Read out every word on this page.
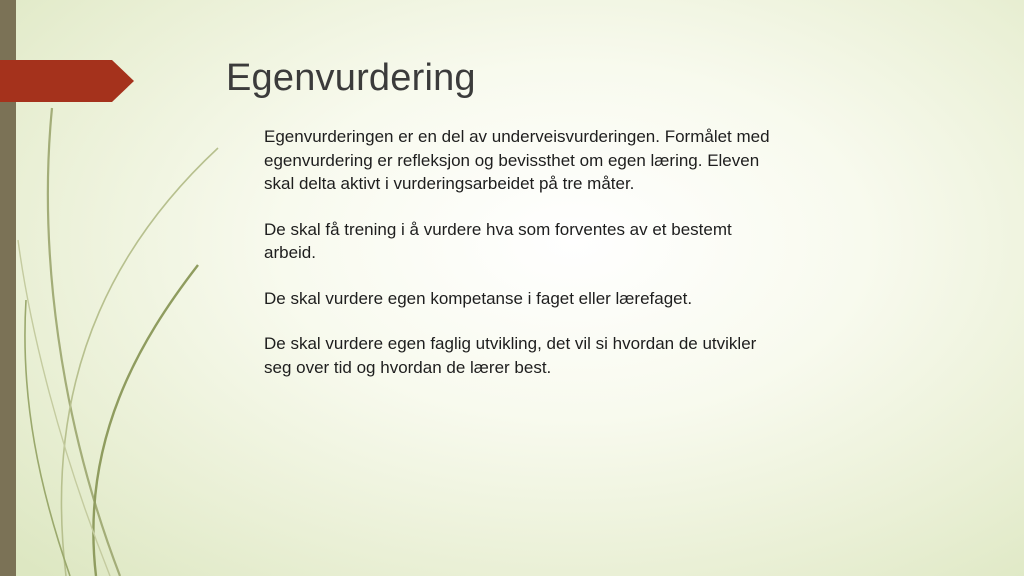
Egenvurdering

Egenvurderingen er en del av underveisvurderingen. Formålet med egenvurdering er refleksjon og bevissthet om egen læring. Eleven skal delta aktivt i vurderingsarbeidet på tre måter.

De skal få trening i å vurdere hva som forventes av et bestemt arbeid.

De skal vurdere egen kompetanse i faget eller lærefaget.

De skal vurdere egen faglig utvikling, det vil si hvordan de utvikler seg over tid og hvordan de lærer best.
